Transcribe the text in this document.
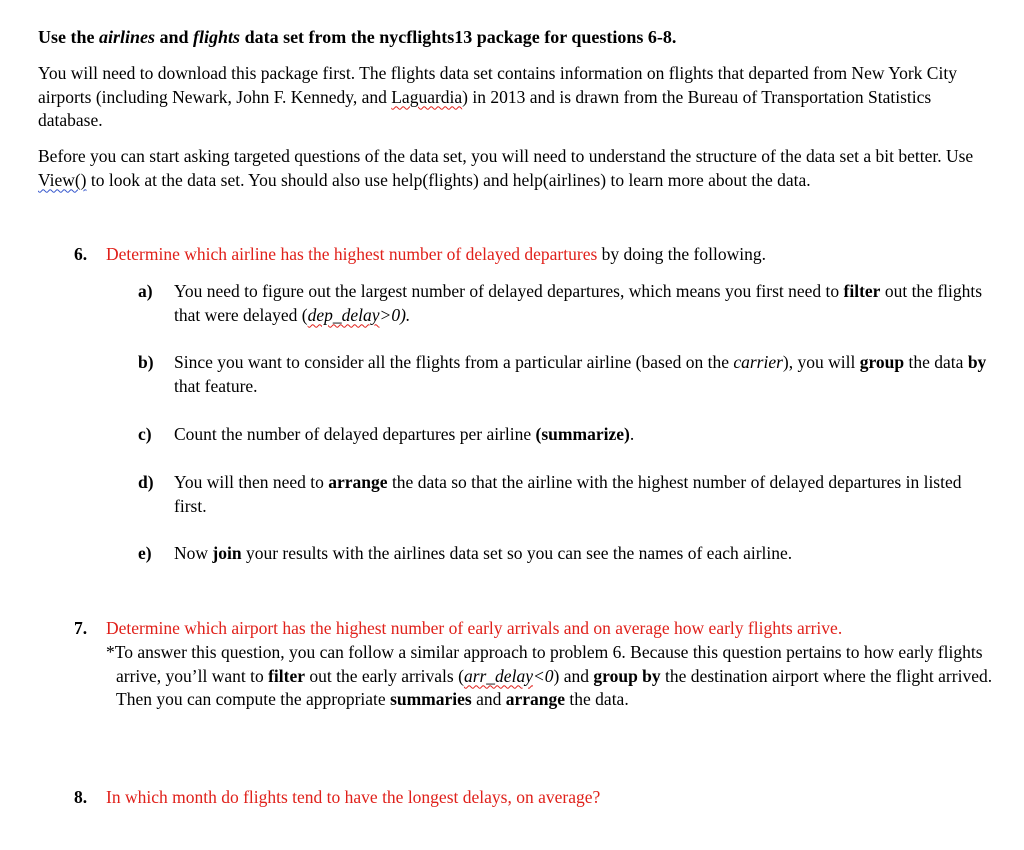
Use the airlines and flights data set from the nycflights13 package for questions 6-8.
You will need to download this package first. The flights data set contains information on flights that departed from New York City airports (including Newark, John F. Kennedy, and Laguardia) in 2013 and is drawn from the Bureau of Transportation Statistics database.
Before you can start asking targeted questions of the data set, you will need to understand the structure of the data set a bit better. Use View() to look at the data set. You should also use help(flights) and help(airlines) to learn more about the data.
6. Determine which airline has the highest number of delayed departures by doing the following.
a) You need to figure out the largest number of delayed departures, which means you first need to filter out the flights that were delayed (dep_delay>0).
b) Since you want to consider all the flights from a particular airline (based on the carrier), you will group the data by that feature.
c) Count the number of delayed departures per airline (summarize).
d) You will then need to arrange the data so that the airline with the highest number of delayed departures in listed first.
e) Now join your results with the airlines data set so you can see the names of each airline.
7. Determine which airport has the highest number of early arrivals and on average how early flights arrive.
*To answer this question, you can follow a similar approach to problem 6. Because this question pertains to how early flights arrive, you’ll want to filter out the early arrivals (arr_delay<0) and group by the destination airport where the flight arrived. Then you can compute the appropriate summaries and arrange the data.
8. In which month do flights tend to have the longest delays, on average?
